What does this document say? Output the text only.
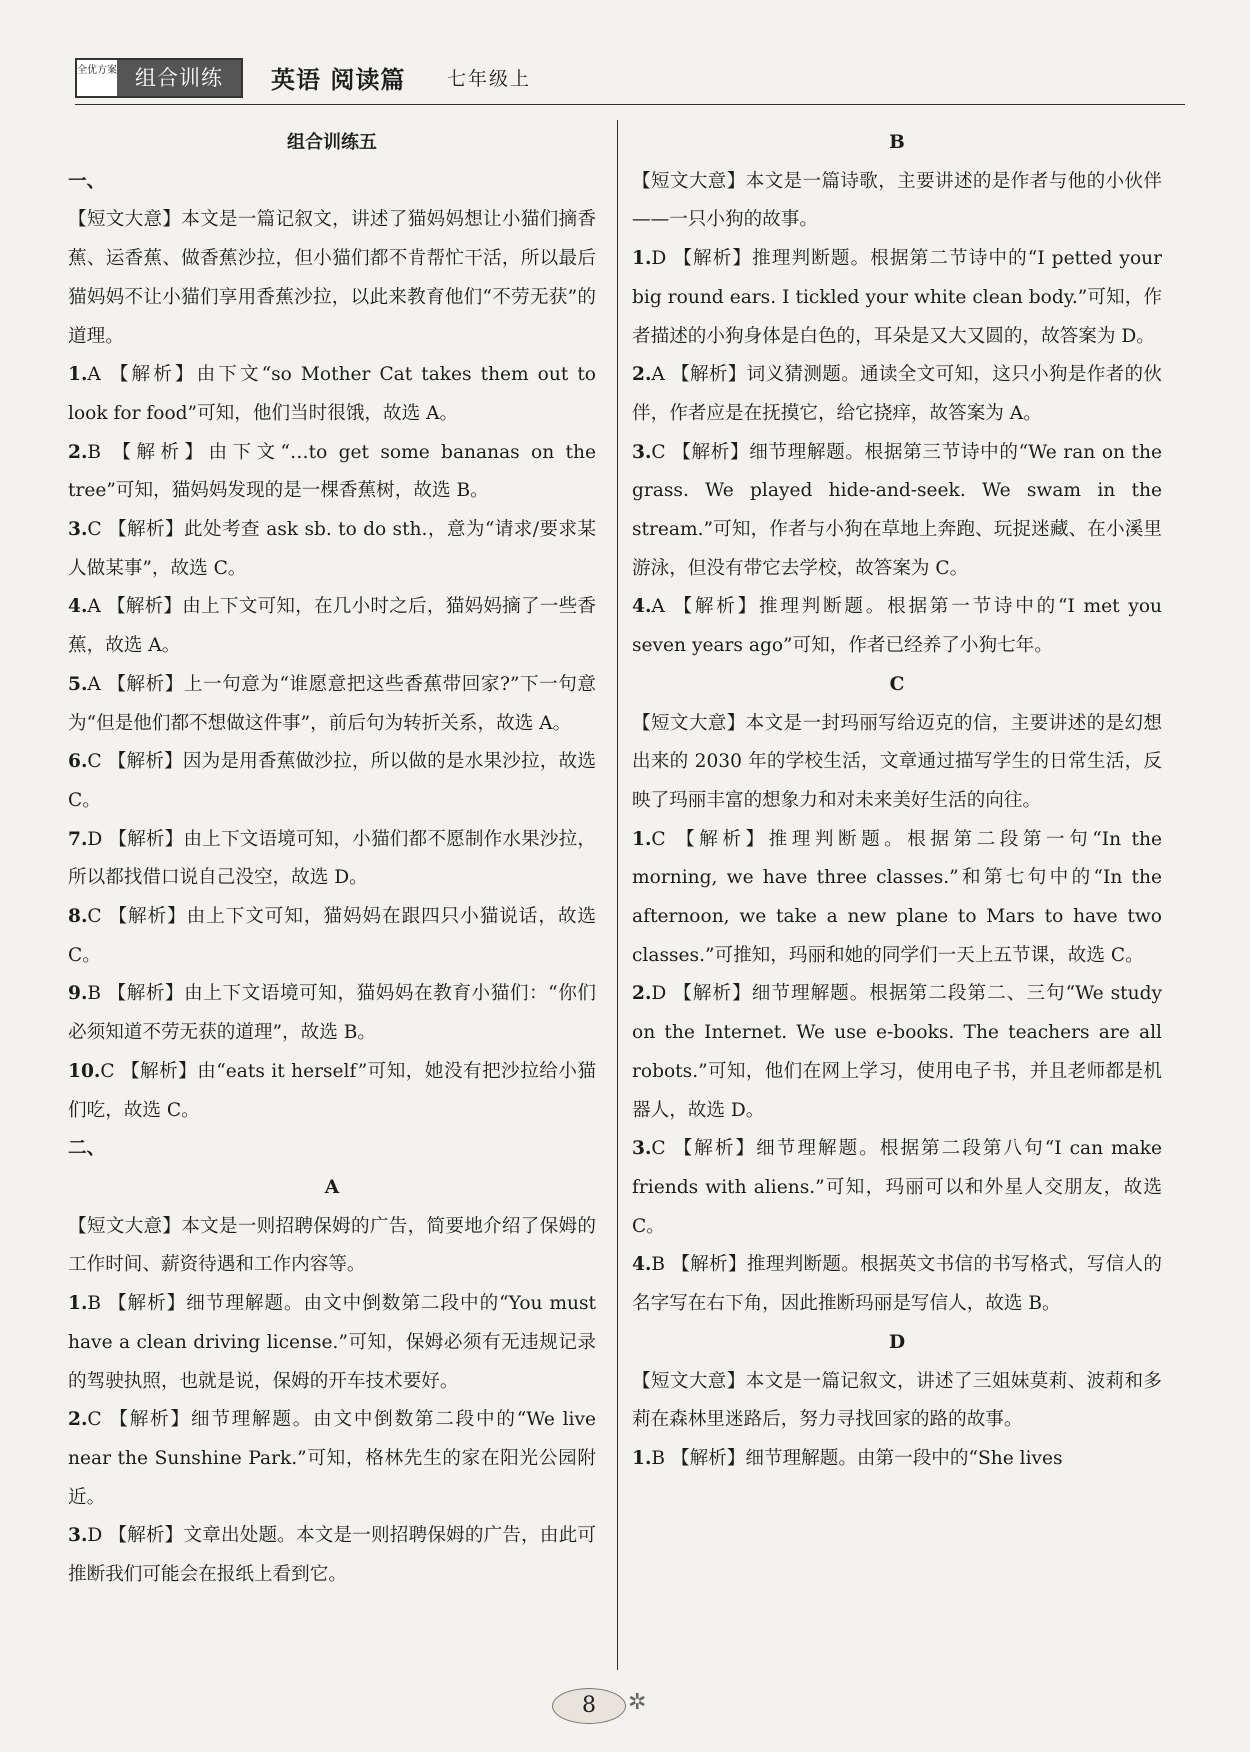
全优方案 组合训练	英语 阅读篇 七年级上

组合训练五

一、

【短文大意】本文是一篇记叙文，讲述了猫妈妈想让小猫们摘香蕉、运香蕉、做香蕉沙拉，但小猫们都不肯帮忙干活，所以最后猫妈妈不让小猫们享用香蕉沙拉，以此来教育他们“不劳无获”的道理。

1.A 【解析】由下文“so Mother Cat takes them out to look for food”可知，他们当时很饿，故选 A。

2.B 【解析】由下文“…to get some bananas on the tree”可知，猫妈妈发现的是一棵香蕉树，故选 B。

3.C 【解析】此处考查 ask sb. to do sth.，意为“请求/要求某人做某事”，故选 C。

4.A 【解析】由上下文可知，在几小时之后，猫妈妈摘了一些香蕉，故选 A。

5.A 【解析】上一句意为“谁愿意把这些香蕉带回家?”下一句意为“但是他们都不想做这件事”，前后句为转折关系，故选 A。

6.C 【解析】因为是用香蕉做沙拉，所以做的是水果沙拉，故选 C。

7.D 【解析】由上下文语境可知，小猫们都不愿制作水果沙拉，所以都找借口说自己没空，故选 D。

8.C 【解析】由上下文可知，猫妈妈在跟四只小猫说话，故选 C。

9.B 【解析】由上下文语境可知，猫妈妈在教育小猫们：“你们必须知道不劳无获的道理”，故选 B。

10.C 【解析】由“eats it herself”可知，她没有把沙拉给小猫们吃，故选 C。

二、

A

【短文大意】本文是一则招聘保姆的广告，简要地介绍了保姆的工作时间、薪资待遇和工作内容等。

1.B 【解析】细节理解题。由文中倒数第二段中的“You must have a clean driving license.”可知，保姆必须有无违规记录的驾驶执照，也就是说，保姆的开车技术要好。

2.C 【解析】细节理解题。由文中倒数第二段中的“We live near the Sunshine Park.”可知，格林先生的家在阳光公园附近。

3.D 【解析】文章出处题。本文是一则招聘保姆的广告，由此可推断我们可能会在报纸上看到它。

B

【短文大意】本文是一篇诗歌，主要讲述的是作者与他的小伙伴——一只小狗的故事。

1.D 【解析】推理判断题。根据第二节诗中的“I petted your big round ears. I tickled your white clean body.”可知，作者描述的小狗身体是白色的，耳朵是又大又圆的，故答案为 D。

2.A 【解析】词义猜测题。通读全文可知，这只小狗是作者的伙伴，作者应是在抚摸它，给它挠痒，故答案为 A。

3.C 【解析】细节理解题。根据第三节诗中的“We ran on the grass. We played hide-and-seek. We swam in the stream.”可知，作者与小狗在草地上奔跑、玩捉迷藏、在小溪里游泳，但没有带它去学校，故答案为 C。

4.A 【解析】推理判断题。根据第一节诗中的“I met you seven years ago”可知，作者已经养了小狗七年。

C

【短文大意】本文是一封玛丽写给迈克的信，主要讲述的是幻想出来的 2030 年的学校生活，文章通过描写学生的日常生活，反映了玛丽丰富的想象力和对未来美好生活的向往。

1.C 【解析】推理判断题。根据第二段第一句“In the morning, we have three classes.”和第七句中的“In the afternoon, we take a new plane to Mars to have two classes.”可推知，玛丽和她的同学们一天上五节课，故选 C。

2.D 【解析】细节理解题。根据第二段第二、三句“We study on the Internet. We use e-books. The teachers are all robots.”可知，他们在网上学习，使用电子书，并且老师都是机器人，故选 D。

3.C 【解析】细节理解题。根据第二段第八句“I can make friends with aliens.”可知，玛丽可以和外星人交朋友，故选 C。

4.B 【解析】推理判断题。根据英文书信的书写格式，写信人的名字写在右下角，因此推断玛丽是写信人，故选 B。

D

【短文大意】本文是一篇记叙文，讲述了三姐妹莫莉、波莉和多莉在森林里迷路后，努力寻找回家的路的故事。

1.B 【解析】细节理解题。由第一段中的“She lives

8	✲
